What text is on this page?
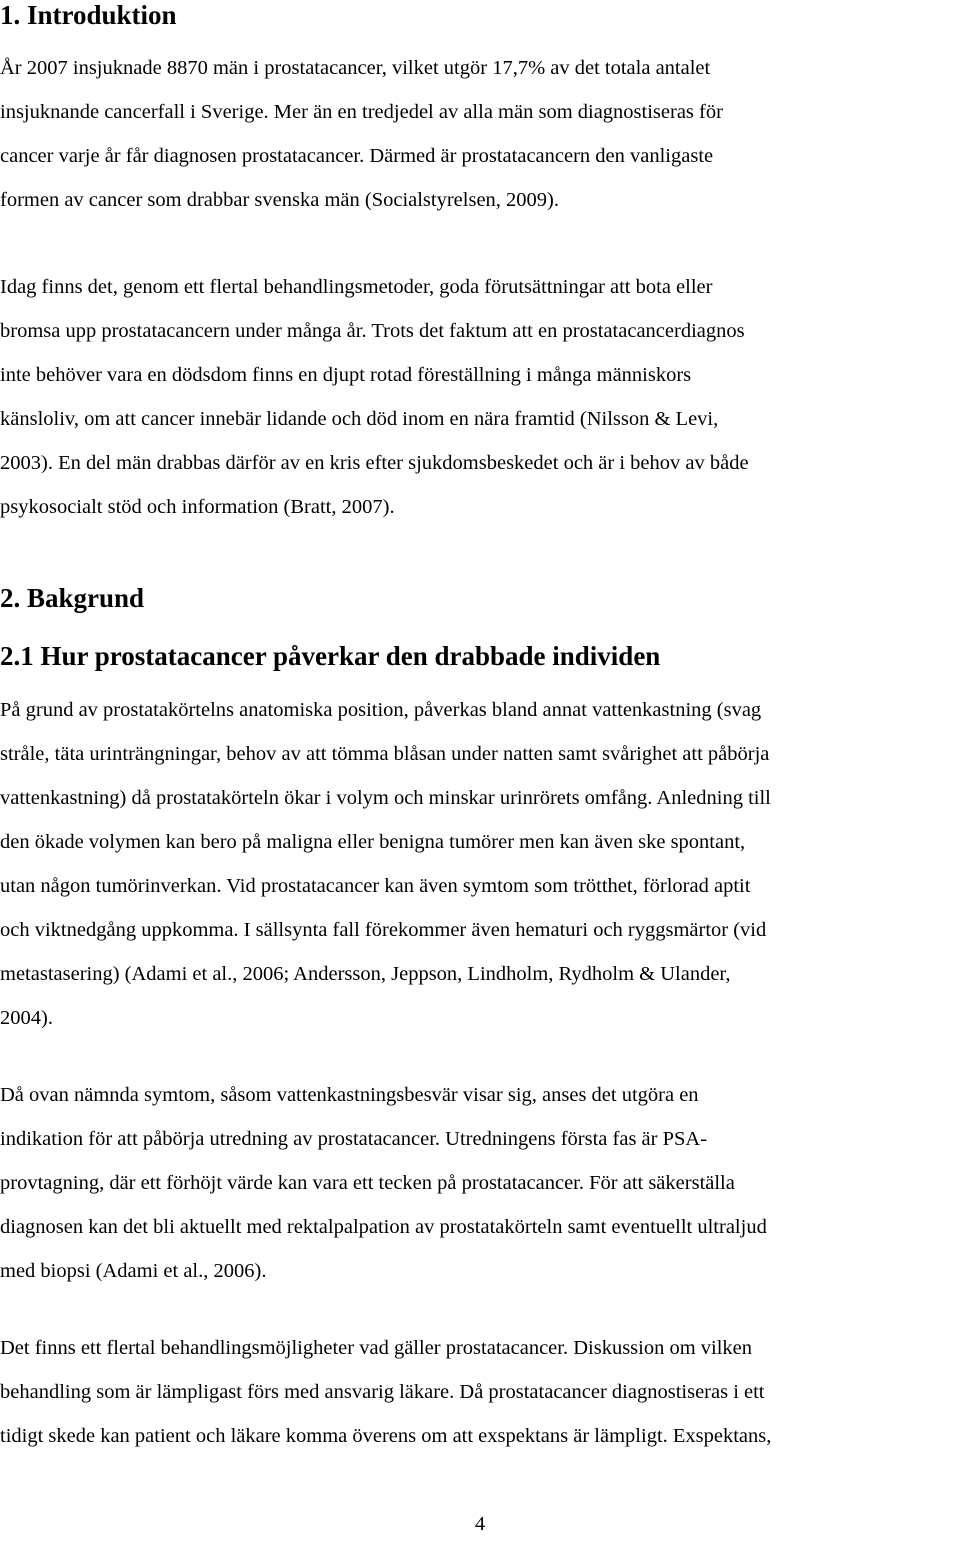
1. Introduktion
År 2007 insjuknade 8870 män i prostatacancer, vilket utgör 17,7% av det totala antalet
insjuknande cancerfall i Sverige. Mer än en tredjedel av alla män som diagnostiseras för
cancer varje år får diagnosen prostatacancer. Därmed är prostatacancern den vanligaste
formen av cancer som drabbar svenska män (Socialstyrelsen, 2009).
Idag finns det, genom ett flertal behandlingsmetoder, goda förutsättningar att bota eller
bromsa upp prostatacancern under många år. Trots det faktum att en prostatacancerdiagnos
inte behöver vara en dödsdom finns en djupt rotad föreställning i många människors
känsloliv, om att cancer innebär lidande och död inom en nära framtid (Nilsson & Levi,
2003). En del män drabbas därför av en kris efter sjukdomsbeskedet och är i behov av både
psykosocialt stöd och information (Bratt, 2007).
2. Bakgrund
2.1 Hur prostatacancer påverkar den drabbade individen
På grund av prostatakörtelns anatomiska position, påverkas bland annat vattenkastning (svag
stråle, täta urinträngningar, behov av att tömma blåsan under natten samt svårighet att påbörja
vattenkastning) då prostatakörteln ökar i volym och minskar urinrörets omfång. Anledning till
den ökade volymen kan bero på maligna eller benigna tumörer men kan även ske spontant,
utan någon tumörinverkan. Vid prostatacancer kan även symtom som trötthet, förlorad aptit
och viktnedgång uppkomma. I sällsynta fall förekommer även hematuri och ryggsmärtor (vid
metastasering) (Adami et al., 2006; Andersson, Jeppson, Lindholm, Rydholm & Ulander,
2004).
Då ovan nämnda symtom, såsom vattenkastningsbesvär visar sig, anses det utgöra en
indikation för att påbörja utredning av prostatacancer. Utredningens första fas är PSA-
provtagning, där ett förhöjt värde kan vara ett tecken på prostatacancer. För att säkerställa
diagnosen kan det bli aktuellt med rektalpalpation av prostatakörteln samt eventuellt ultraljud
med biopsi (Adami et al., 2006).
Det finns ett flertal behandlingsmöjligheter vad gäller prostatacancer. Diskussion om vilken
behandling som är lämpligast förs med ansvarig läkare. Då prostatacancer diagnostiseras i ett
tidigt skede kan patient och läkare komma överens om att exspektans är lämpligt. Exspektans,

4
